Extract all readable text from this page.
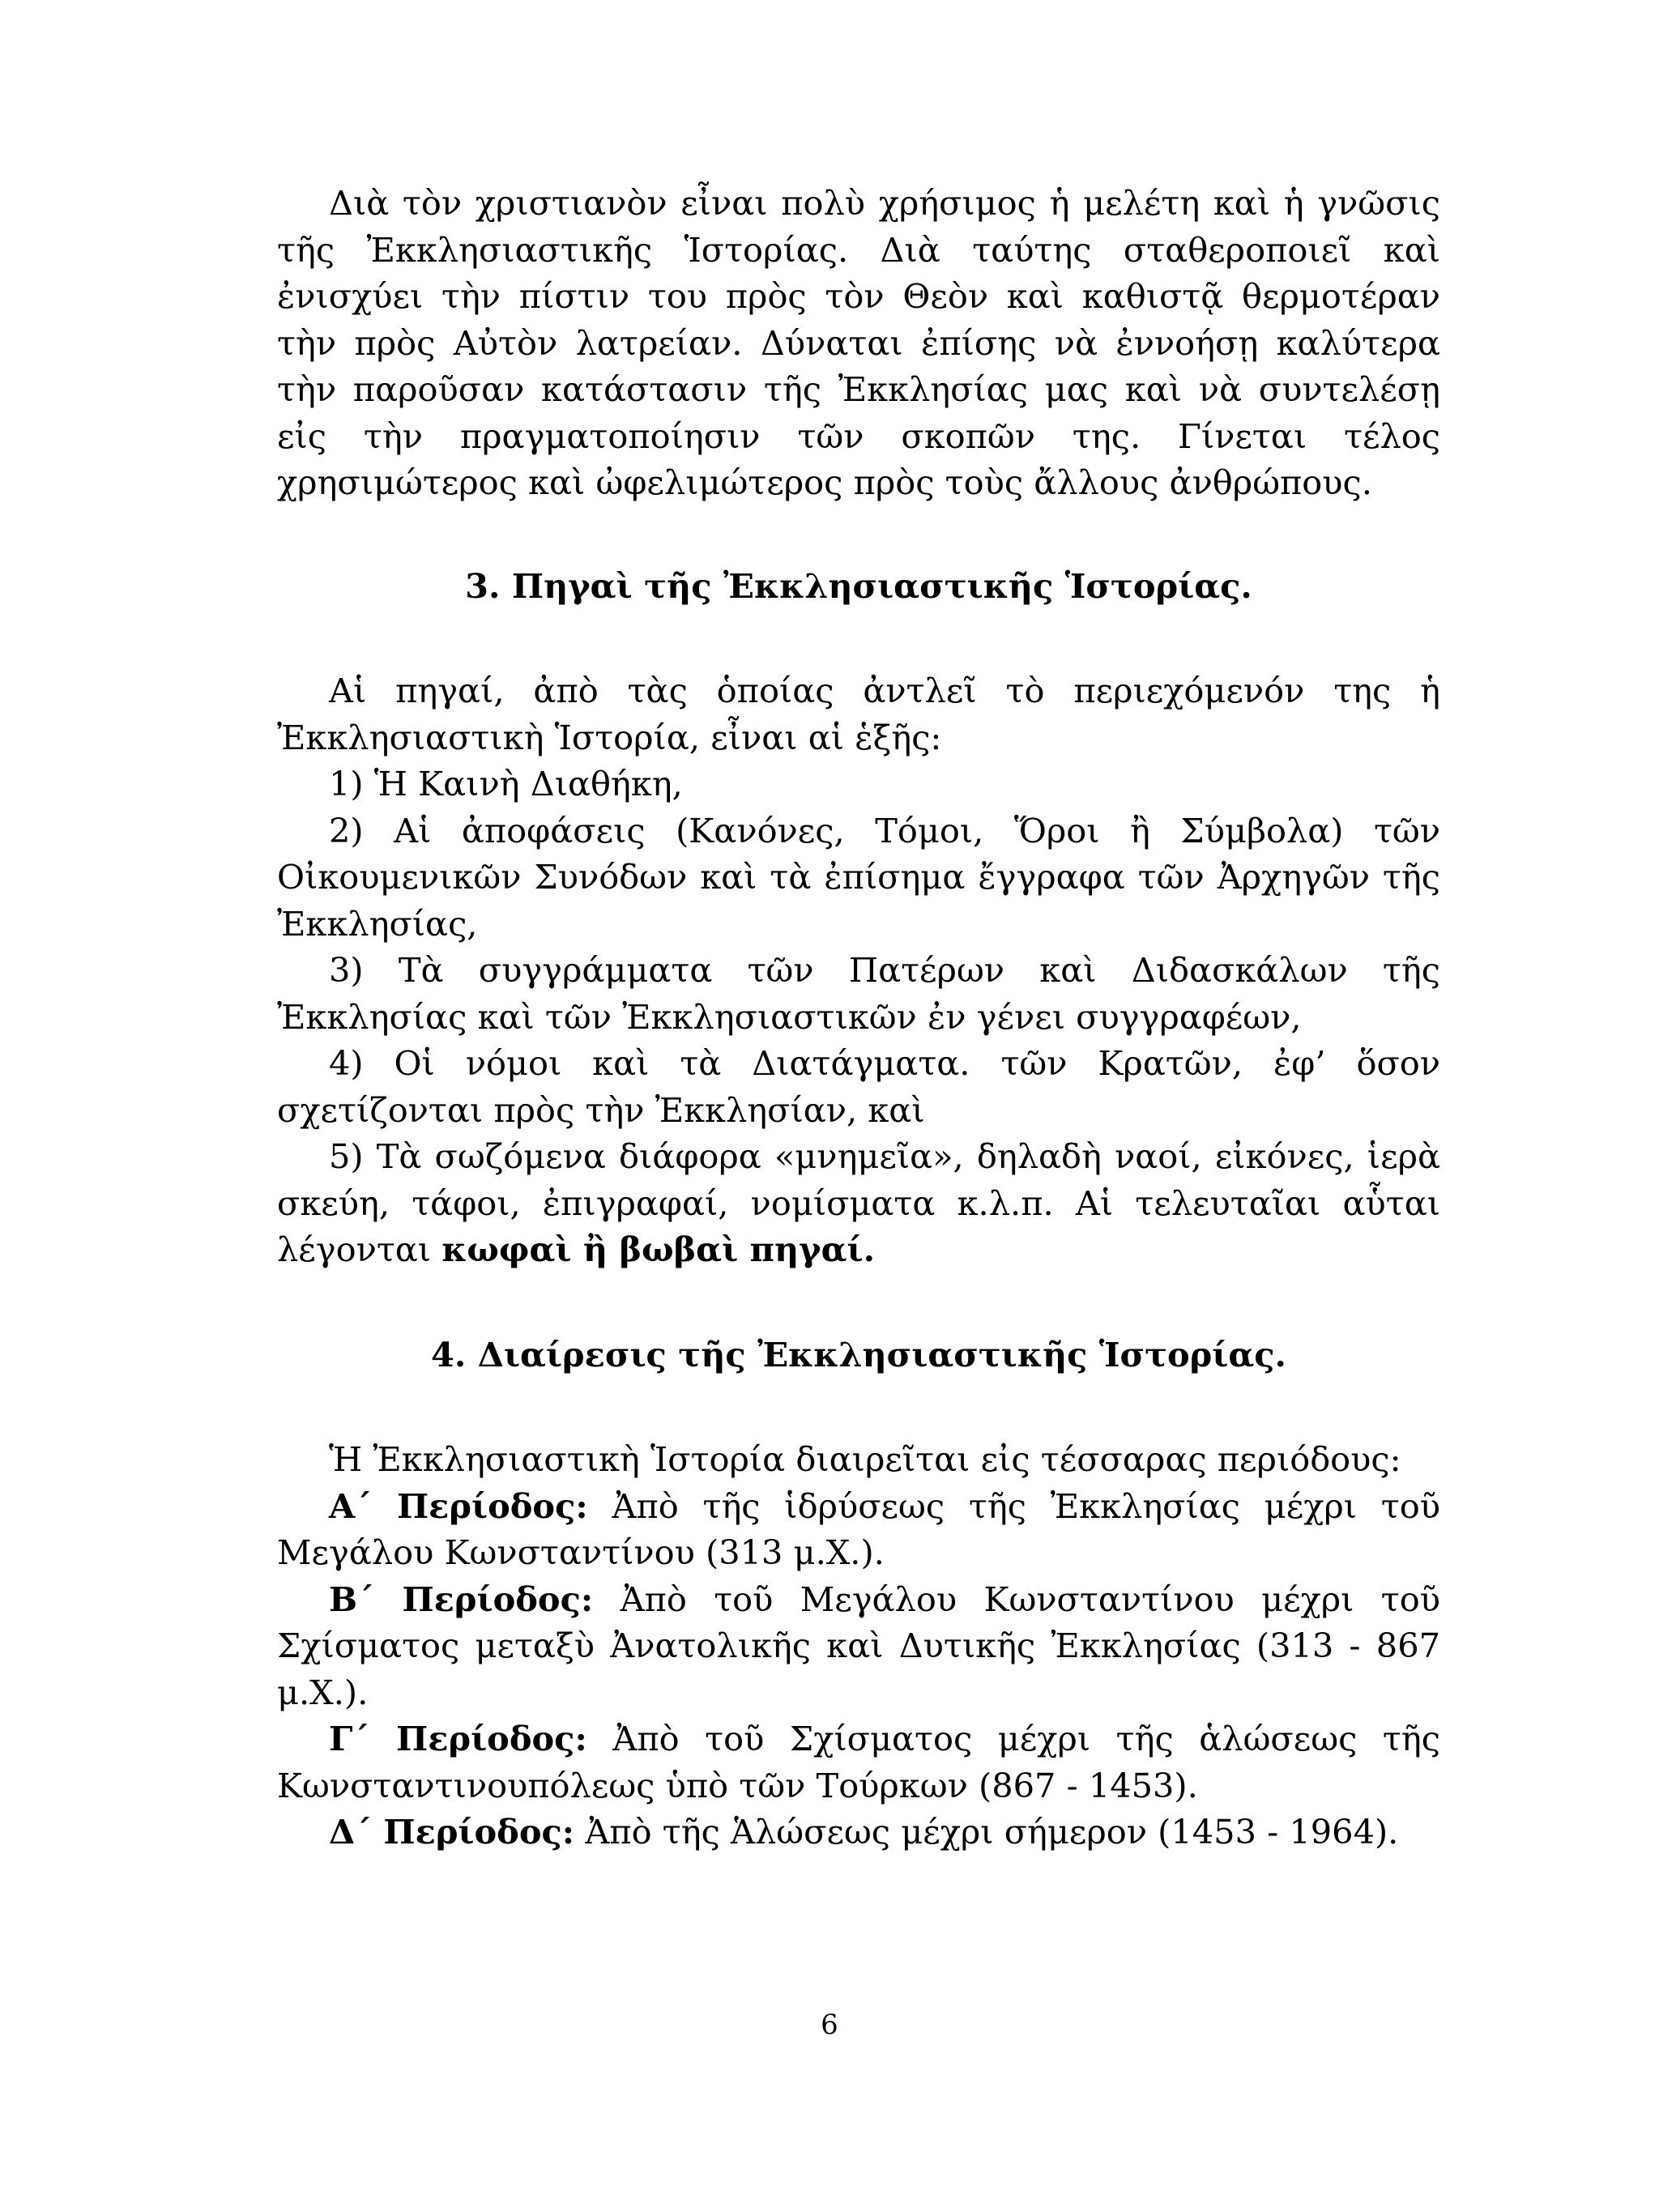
Διὰ τὸν χριστιανὸν εἶναι πολὺ χρήσιμος ἡ μελέτη καὶ ἡ γνῶσις τῆς Ἐκκλησιαστικῆς Ἱστορίας. Διὰ ταύτης σταθεροποιεῖ καὶ ἐνισχύει τὴν πίστιν του πρὸς τὸν Θεὸν καὶ καθιστᾷ θερμοτέραν τὴν πρὸς Αὐτὸν λατρείαν. Δύναται ἐπίσης νὰ ἐννοήσῃ καλύτερα τὴν παροῦσαν κατάστασιν τῆς Ἐκκλησίας μας καὶ νὰ συντελέσῃ εἰς τὴν πραγματοποίησιν τῶν σκοπῶν της. Γίνεται τέλος χρησιμώτερος καὶ ὠφελιμώτερος πρὸς τοὺς ἄλλους ἀνθρώπους.

3. Πηγαὶ τῆς Ἐκκλησιαστικῆς Ἱστορίας.

Αἱ πηγαί, ἀπὸ τὰς ὁποίας ἀντλεῖ τὸ περιεχόμενόν της ἡ Ἐκκλησιαστικὴ Ἱστορία, εἶναι αἱ ἑξῆς:

1) Ἡ Καινὴ Διαθήκη,

2) Αἱ ἀποφάσεις (Κανόνες, Τόμοι, Ὅροι ἢ Σύμβολα) τῶν Οἰκουμενικῶν Συνόδων καὶ τὰ ἐπίσημα ἔγγραφα τῶν Ἀρχηγῶν τῆς Ἐκκλησίας,

3) Τὰ συγγράμματα τῶν Πατέρων καὶ Διδασκάλων τῆς Ἐκκλησίας καὶ τῶν Ἐκκλησιαστικῶν ἐν γένει συγγραφέων,

4) Οἱ νόμοι καὶ τὰ Διατάγματα. τῶν Κρατῶν, ἐφ’ ὅσον σχετίζονται πρὸς τὴν Ἐκκλησίαν, καὶ

5) Τὰ σωζόμενα διάφορα «μνημεῖα», δηλαδὴ ναοί, εἰκόνες, ἱερὰ σκεύη, τάφοι, ἐπιγραφαί, νομίσματα κ.λ.π. Αἱ τελευταῖαι αὗται λέγονται κωφαὶ ἢ βωβαὶ πηγαί.

4. Διαίρεσις τῆς Ἐκκλησιαστικῆς Ἱστορίας.

Ἡ Ἐκκλησιαστικὴ Ἱστορία διαιρεῖται εἰς τέσσαρας περιόδους:

Α΄ Περίοδος: Ἀπὸ τῆς ἱδρύσεως τῆς Ἐκκλησίας μέχρι τοῦ Μεγάλου Κωνσταντίνου (313 μ.Χ.).

Β΄ Περίοδος: Ἀπὸ τοῦ Μεγάλου Κωνσταντίνου μέχρι τοῦ Σχίσματος μεταξὺ Ἀνατολικῆς καὶ Δυτικῆς Ἐκκλησίας (313 - 867 μ.Χ.).

Γ΄ Περίοδος: Ἀπὸ τοῦ Σχίσματος μέχρι τῆς ἁλώσεως τῆς Κωνσταντινουπόλεως ὑπὸ τῶν Τούρκων (867 - 1453).

Δ΄ Περίοδος: Ἀπὸ τῆς Ἁλώσεως μέχρι σήμερον (1453 - 1964).

6
